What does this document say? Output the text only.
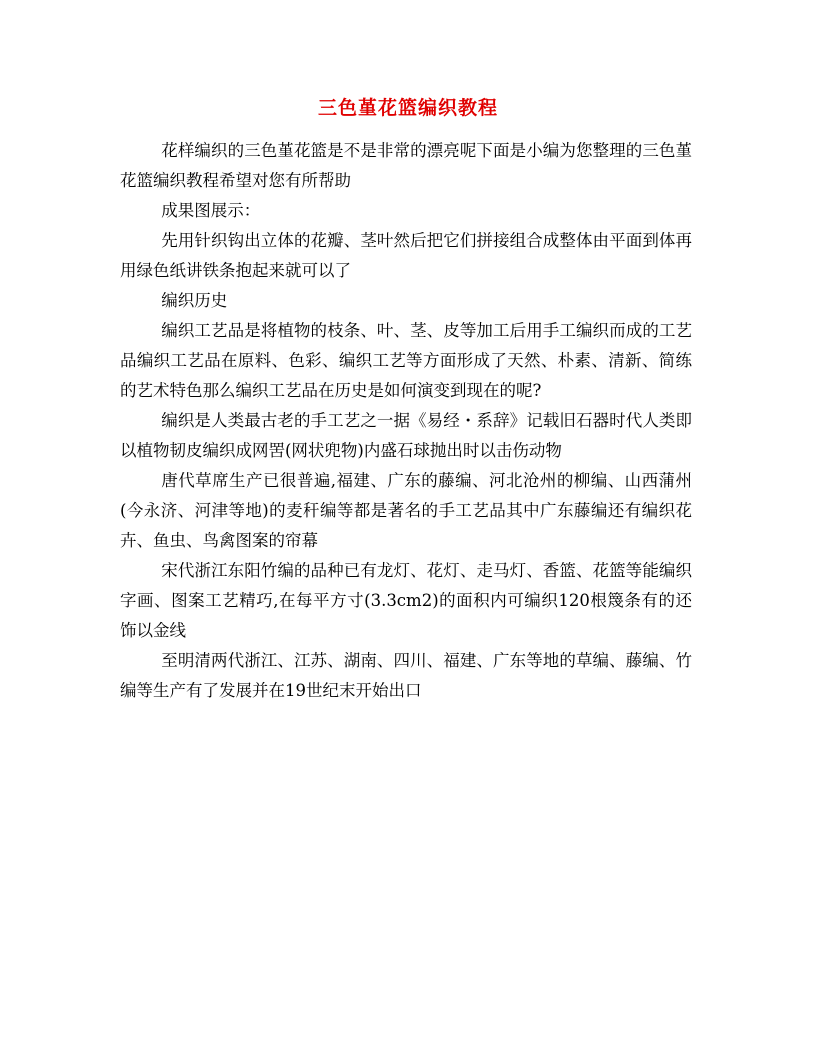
三色堇花篮编织教程

花样编织的三色堇花篮是不是非常的漂亮呢下面是小编为您整理的三色堇花篮编织教程希望对您有所帮助

成果图展示：

先用针织钩出立体的花瓣、茎叶然后把它们拼接组合成整体由平面到体再用绿色纸讲铁条抱起来就可以了

编织历史

编织工艺品是将植物的枝条、叶、茎、皮等加工后用手工编织而成的工艺品编织工艺品在原料、色彩、编织工艺等方面形成了天然、朴素、清新、简练的艺术特色那么编织工艺品在历史是如何演变到现在的呢?

编织是人类最古老的手工艺之一据《易经・系辞》记载旧石器时代人类即以植物韧皮编织成网罟(网状兜物)内盛石球抛出时以击伤动物

唐代草席生产已很普遍,福建、广东的藤编、河北沧州的柳编、山西蒲州(今永济、河津等地)的麦秆编等都是著名的手工艺品其中广东藤编还有编织花卉、鱼虫、鸟禽图案的帘幕

宋代浙江东阳竹编的品种已有龙灯、花灯、走马灯、香篮、花篮等能编织字画、图案工艺精巧,在每平方寸(3.3cm2)的面积内可编织120根篾条有的还饰以金线

至明清两代浙江、江苏、湖南、四川、福建、广东等地的草编、藤编、竹编等生产有了发展并在19世纪末开始出口
